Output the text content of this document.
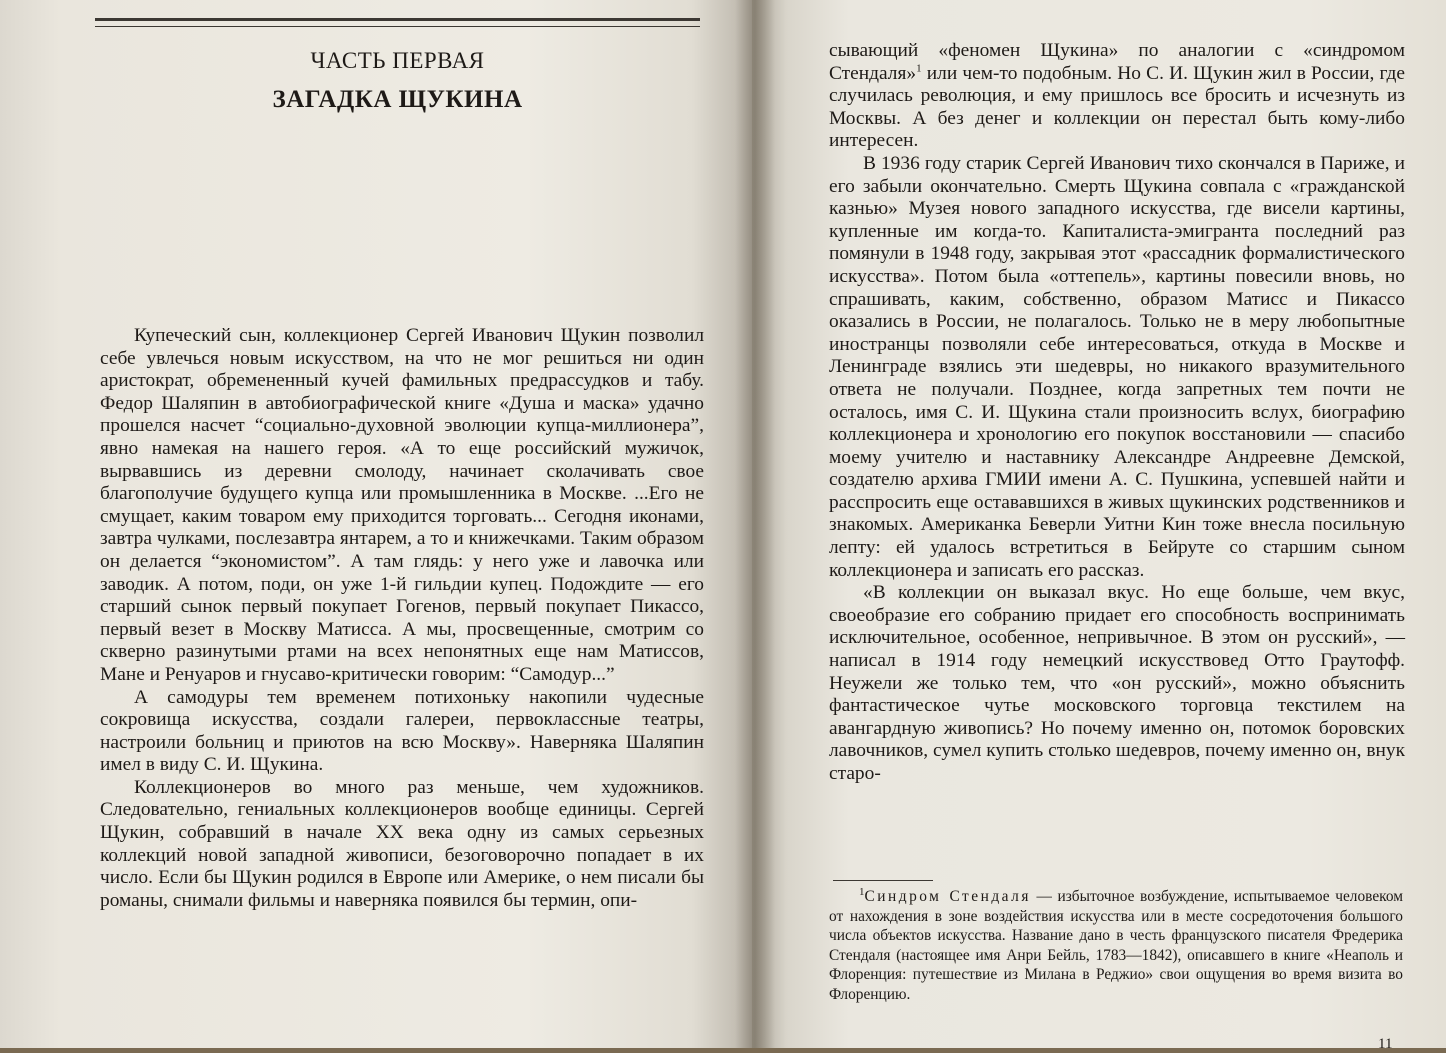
ЧАСТЬ ПЕРВАЯ
ЗАГАДКА ЩУКИНА

Купеческий сын, коллекционер Сергей Иванович Щукин позволил себе увлечься новым искусством, на что не мог решиться ни один аристократ, обремененный кучей фамильных предрассудков и табу. Федор Шаляпин в автобиографической книге «Душа и маска» удачно прошелся насчет “социально-духовной эволюции купца-миллионера”, явно намекая на нашего героя. «А то еще российский мужичок, вырвавшись из деревни смолоду, начинает сколачивать свое благополучие будущего купца или промышленника в Москве. ...Его не смущает, каким товаром ему приходится торговать... Сегодня иконами, завтра чулками, послезавтра янтарем, а то и книжечками. Таким образом он делается “экономистом”. А там глядь: у него уже и лавочка или заводик. А потом, поди, он уже 1-й гильдии купец. Подождите — его старший сынок первый покупает Гогенов, первый покупает Пикассо, первый везет в Москву Матисса. А мы, просвещенные, смотрим со скверно разинутыми ртами на всех непонятных еще нам Матиссов, Мане и Ренуаров и гнусаво-критически говорим: “Самодур...”

А самодуры тем временем потихоньку накопили чудесные сокровища искусства, создали галереи, первоклассные театры, настроили больниц и приютов на всю Москву». Наверняка Шаляпин имел в виду С. И. Щукина.

Коллекционеров во много раз меньше, чем художников. Следовательно, гениальных коллекционеров вообще единицы. Сергей Щукин, собравший в начале XX века одну из самых серьезных коллекций новой западной живописи, безоговорочно попадает в их число. Если бы Щукин родился в Европе или Америке, о нем писали бы романы, снимали фильмы и наверняка появился бы термин, опи-

сывающий «феномен Щукина» по аналогии с «синдромом Стендаля»$^1$ или чем-то подобным. Но С. И. Щукин жил в России, где случилась революция, и ему пришлось все бросить и исчезнуть из Москвы. А без денег и коллекции он перестал быть кому-либо интересен.

В 1936 году старик Сергей Иванович тихо скончался в Париже, и его забыли окончательно. Смерть Щукина совпала с «гражданской казнью» Музея нового западного искусства, где висели картины, купленные им когда-то. Капиталиста-эмигранта последний раз помянули в 1948 году, закрывая этот «рассадник формалистического искусства». Потом была «оттепель», картины повесили вновь, но спрашивать, каким, собственно, образом Матисс и Пикассо оказались в России, не полагалось. Только не в меру любопытные иностранцы позволяли себе интересоваться, откуда в Москве и Ленинграде взялись эти шедевры, но никакого вразумительного ответа не получали. Позднее, когда запретных тем почти не осталось, имя С. И. Щукина стали произносить вслух, биографию коллекционера и хронологию его покупок восстановили — спасибо моему учителю и наставнику Александре Андреевне Демской, создателю архива ГМИИ имени А. С. Пушкина, успевшей найти и расспросить еще остававшихся в живых щукинских родственников и знакомых. Американка Беверли Уитни Кин тоже внесла посильную лепту: ей удалось встретиться в Бейруте со старшим сыном коллекционера и записать его рассказ.

«В коллекции он выказал вкус. Но еще больше, чем вкус, своеобразие его собранию придает его способность воспринимать исключительное, особенное, непривычное. В этом он русский», — написал в 1914 году немецкий искусствовед Отто Граутофф. Неужели же только тем, что «он русский», можно объяснить фантастическое чутье московского торговца текстилем на авангардную живопись? Но почему именно он, потомок боровских лавочников, сумел купить столько шедевров, почему именно он, внук старо-

$^1$Синдром Стендаля — избыточное возбуждение, испытываемое человеком от нахождения в зоне воздействия искусства или в месте сосредоточения большого числа объектов искусства. Название дано в честь французского писателя Фредерика Стендаля (настоящее имя Анри Бейль, 1783—1842), описавшего в книге «Неаполь и Флоренция: путешествие из Милана в Реджио» свои ощущения во время визита во Флоренцию.
11
